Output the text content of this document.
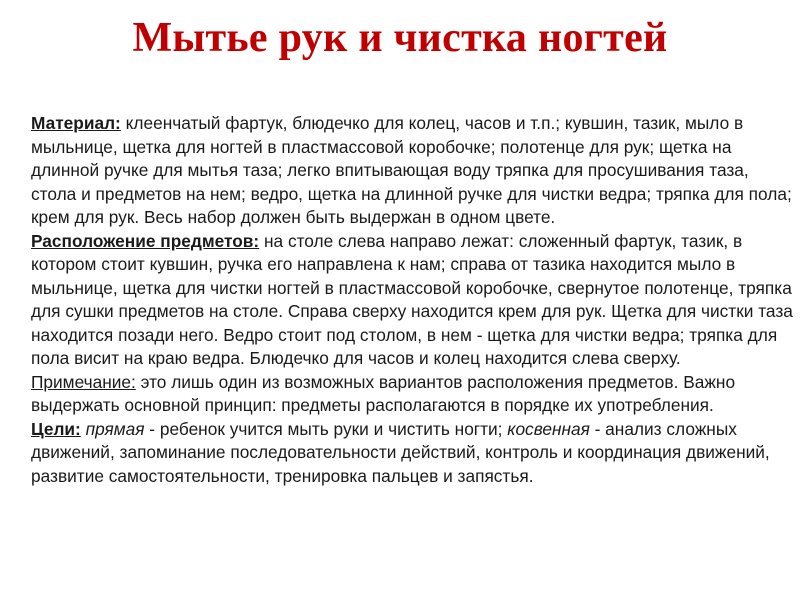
Мытье рук и чистка ногтей
Материал: клеенчатый фартук, блюдечко для колец, часов и т.п.; кувшин, тазик, мыло в мыльнице, щетка для ногтей в пластмассовой коробочке; полотенце для рук; щетка на длинной ручке для мытья таза; легко впитывающая воду тряпка для просушивания таза, стола и предметов на нем; ведро, щетка на длинной ручке для чистки ведра; тряпка для пола; крем для рук. Весь набор должен быть выдержан в одном цвете.
Расположение предметов: на столе слева направо лежат: сложенный фартук, тазик, в котором стоит кувшин, ручка его направлена к нам; справа от тазика находится мыло в мыльнице, щетка для чистки ногтей в пластмассовой коробочке, свернутое полотенце, тряпка для сушки предметов на столе. Справа сверху находится крем для рук. Щетка для чистки таза находится позади него. Ведро стоит под столом, в нем - щетка для чистки ведра; тряпка для пола висит на краю ведра. Блюдечко для часов и колец находится слева сверху.
Примечание: это лишь один из возможных вариантов расположения предметов. Важно выдержать основной принцип: предметы располагаются в порядке их употребления.
Цели: прямая - ребенок учится мыть руки и чистить ногти; косвенная - анализ сложных движений, запоминание последовательности действий, контроль и координация движений, развитие самостоятельности, тренировка пальцев и запястья.
